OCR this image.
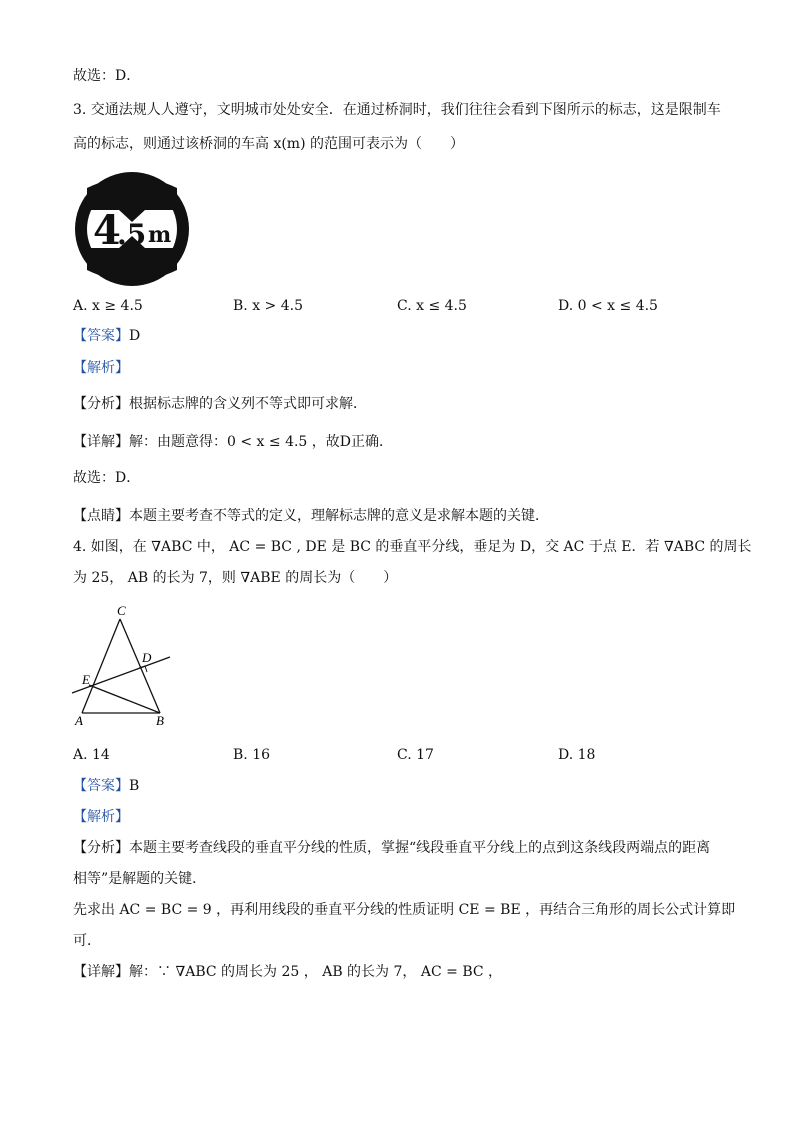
故选：D．
3. 交通法规人人遵守，文明城市处处安全．在通过桥洞时，我们往往会看到下图所示的标志，这是限制车
高的标志，则通过该桥洞的车高 x(m) 的范围可表示为（　　）
4
.5 m
A. x ≥ 4.5	B. x > 4.5	C. x ≤ 4.5	D. 0 < x ≤ 4.5
【答案】D
【解析】
【分析】根据标志牌的含义列不等式即可求解．
【详解】解：由题意得：0 < x ≤ 4.5 ，故D正确．
故选：D．
【点睛】本题主要考查不等式的定义，理解标志牌的意义是求解本题的关键．
4. 如图，在 ∇ABC 中， AC = BC , DE 是 BC 的垂直平分线，垂足为 D，交 AC 于点 E．若 ∇ABC 的周长
为 25， AB 的长为 7，则 ∇ABE 的周长为（　　）
C
D
E
A	B
A. 14	B. 16	C. 17	D. 18
【答案】B
【解析】
【分析】本题主要考查线段的垂直平分线的性质，掌握“线段垂直平分线上的点到这条线段两端点的距离
相等”是解题的关键．
先求出 AC = BC = 9 ，再利用线段的垂直平分线的性质证明 CE = BE ，再结合三角形的周长公式计算即
可．
【详解】解：∵ ∇ABC 的周长为 25 ， AB 的长为 7， AC = BC ，
